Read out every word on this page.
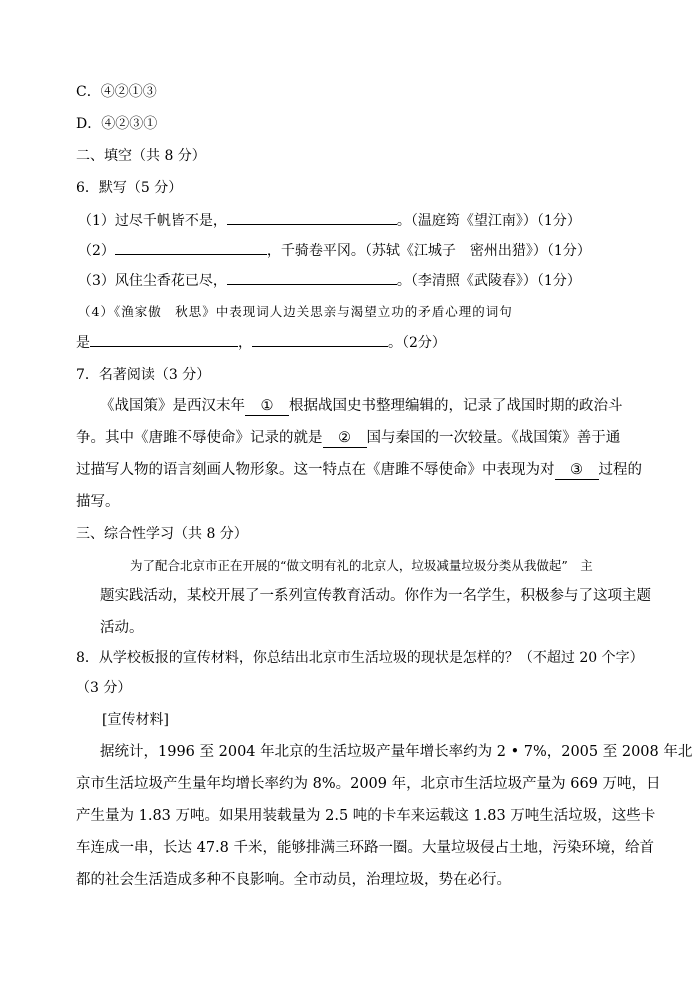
C．④②①③
D．④②③①
二、填空（共 8 分）
6．默写（5 分）
（1）过尽千帆皆不是，	。（温庭筠《望江南》）（1分）
（2）	，千骑卷平冈。（苏轼《江城子　密州出猎》）（1分）
（3）风住尘香花已尽，	。（李清照《武陵春》）（1分）
（4）《渔家傲　秋思》中表现词人边关思亲与渴望立功的矛盾心理的词句
是	，	。（2分）
7．名著阅读（3 分）
《战国策》是西汉末年 ① 根据战国史书整理编辑的，记录了战国时期的政治斗
争。其中《唐雎不辱使命》记录的就是 ② 国与秦国的一次较量。《战国策》善于通
过描写人物的语言刻画人物形象。这一特点在《唐雎不辱使命》中表现为对 ③ 过程的
描写。
三、综合性学习（共 8 分）
为了配合北京市正在开展的“做文明有礼的北京人，垃圾减量垃圾分类从我做起”　主
题实践活动，某校开展了一系列宣传教育活动。你作为一名学生，积极参与了这项主题
活动。
8．从学校板报的宣传材料，你总结出北京市生活垃圾的现状是怎样的？（不超过 20 个字）
（3 分）
[宣传材料]
据统计，1996 至 2004 年北京的生活垃圾产量年增长率约为 2 • 7%，2005 至 2008 年北
京市生活垃圾产生量年均增长率约为 8%。2009 年，北京市生活垃圾产量为 669 万吨，日
产生量为 1.83 万吨。如果用装载量为 2.5 吨的卡车来运载这 1.83 万吨生活垃圾，这些卡
车连成一串，长达 47.8 千米，能够排满三环路一圈。大量垃圾侵占土地，污染环境，给首
都的社会生活造成多种不良影响。全市动员，治理垃圾，势在必行。
